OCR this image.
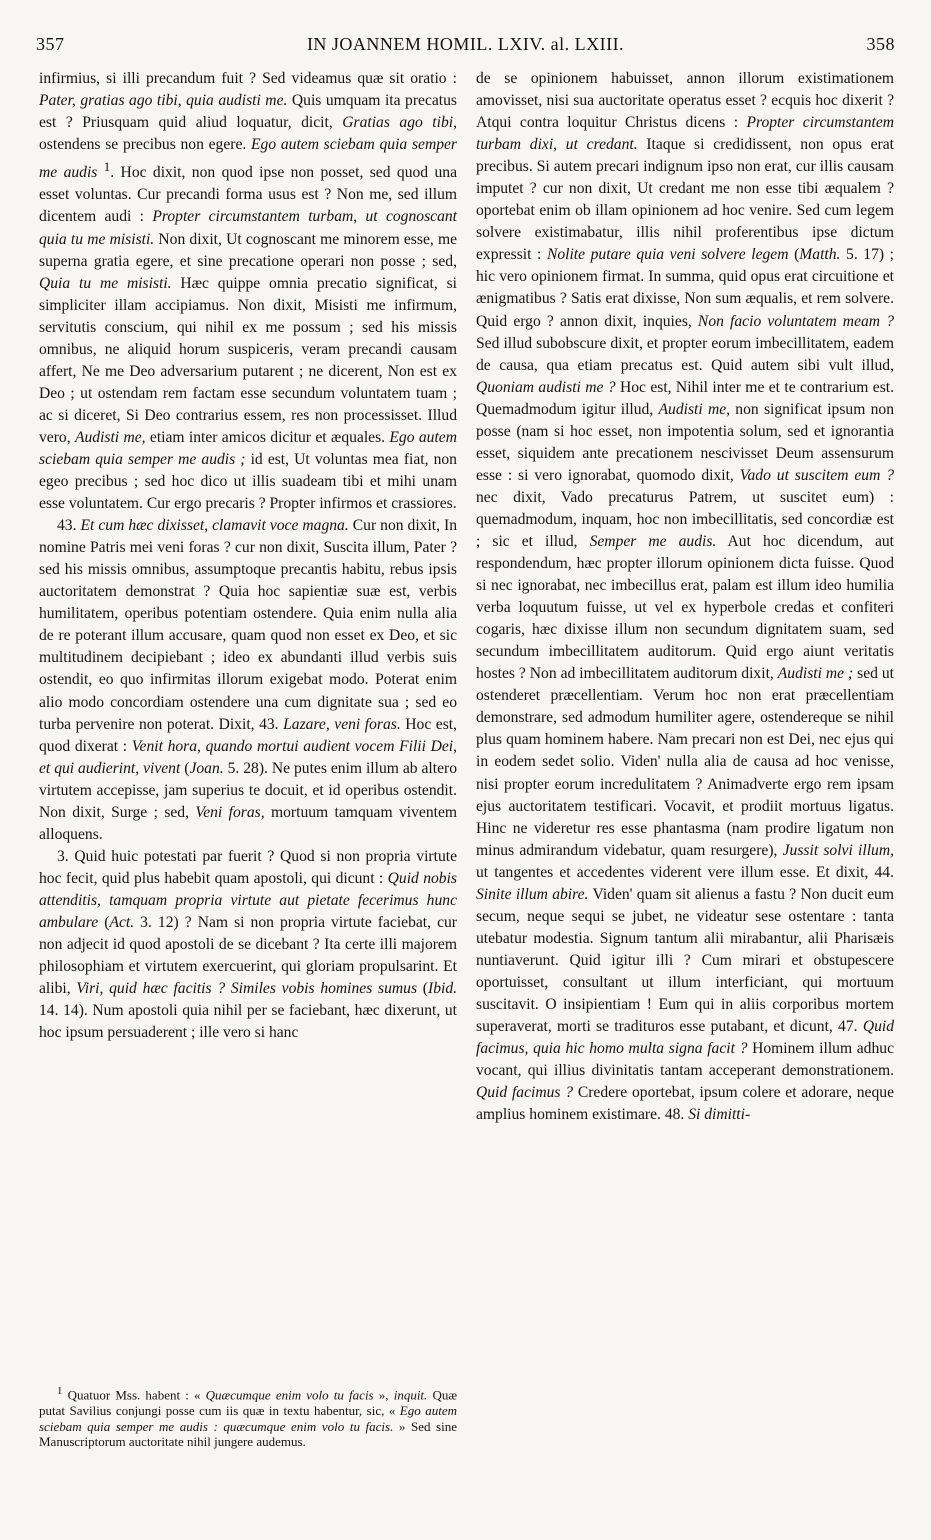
357	IN JOANNEM HOMIL. LXIV. al. LXIII.	358

infirmius, si illi precandum fuit ? Sed videamus quæ sit oratio : Pater, gratias ago tibi, quia audisti me. Quis umquam ita precatus est ? Priusquam quid aliud loquatur, dicit, Gratias ago tibi, ostendens se precibus non egere. Ego autem sciebam quia semper me audis $^1$. Hoc dixit, non quod ipse non posset, sed quod una esset voluntas. Cur precandi forma usus est ? Non me, sed illum dicentem audi : Propter circumstantem turbam, ut cognoscant quia tu me misisti. Non dixit, Ut cognoscant me minorem esse, me superna gratia egere, et sine precatione operari non posse ; sed, Quia tu me misisti. Hæc quippe omnia precatio significat, si simpliciter illam accipiamus. Non dixit, Misisti me infirmum, servitutis conscium, qui nihil ex me possum ; sed his missis omnibus, ne aliquid horum suspiceris, veram precandi causam affert, Ne me Deo adversarium putarent ; ne dicerent, Non est ex Deo ; ut ostendam rem factam esse secundum voluntatem tuam ; ac si diceret, Si Deo contrarius essem, res non processisset. Illud vero, Audisti me, etiam inter amicos dicitur et æquales. Ego autem sciebam quia semper me audis ; id est, Ut voluntas mea fiat, non egeo precibus ; sed hoc dico ut illis suadeam tibi et mihi unam esse voluntatem. Cur ergo precaris ? Propter infirmos et crassiores.

43. Et cum hæc dixisset, clamavit voce magna. Cur non dixit, In nomine Patris mei veni foras ? cur non dixit, Suscita illum, Pater ? sed his missis omnibus, assumptoque precantis habitu, rebus ipsis auctoritatem demonstrat ? Quia hoc sapientiæ suæ est, verbis humilitatem, operibus potentiam ostendere. Quia enim nulla alia de re poterant illum accusare, quam quod non esset ex Deo, et sic multitudinem decipiebant ; ideo ex abundanti illud verbis suis ostendit, eo quo infirmitas illorum exigebat modo. Poterat enim alio modo concordiam ostendere una cum dignitate sua ; sed eo turba pervenire non poterat. Dixit, 43. Lazare, veni foras. Hoc est, quod dixerat : Venit hora, quando mortui audient vocem Filii Dei, et qui audierint, vivent (Joan. 5. 28). Ne putes enim illum ab altero virtutem accepisse, jam superius te docuit, et id operibus ostendit. Non dixit, Surge ; sed, Veni foras, mortuum tamquam viventem alloquens.

3. Quid huic potestati par fuerit ? Quod si non propria virtute hoc fecit, quid plus habebit quam apostoli, qui dicunt : Quid nobis attenditis, tamquam propria virtute aut pietate fecerimus hunc ambulare (Act. 3. 12) ? Nam si non propria virtute faciebat, cur non adjecit id quod apostoli de se dicebant ? Ita certe illi majorem philosophiam et virtutem exercuerint, qui gloriam propulsarint. Et alibi, Viri, quid hæc facitis ? Similes vobis homines sumus (Ibid. 14. 14). Num apostoli quia nihil per se faciebant, hæc dixerunt, ut hoc ipsum persuaderent ; ille vero si hanc

de se opinionem habuisset, annon illorum existimationem amovisset, nisi sua auctoritate operatus esset ? ecquis hoc dixerit ? Atqui contra loquitur Christus dicens : Propter circumstantem turbam dixi, ut credant. Itaque si credidissent, non opus erat precibus. Si autem precari indignum ipso non erat, cur illis causam imputet ? cur non dixit, Ut credant me non esse tibi æqualem ? oportebat enim ob illam opinionem ad hoc venire. Sed cum legem solvere existimabatur, illis nihil proferentibus ipse dictum expressit : Nolite putare quia veni solvere legem (Matth. 5. 17) ; hic vero opinionem firmat. In summa, quid opus erat circuitione et ænigmatibus ? Satis erat dixisse, Non sum æqualis, et rem solvere. Quid ergo ? annon dixit, inquies, Non facio voluntatem meam ? Sed illud subobscure dixit, et propter eorum imbecillitatem, eadem de causa, qua etiam precatus est. Quid autem sibi vult illud, Quoniam audisti me ? Hoc est, Nihil inter me et te contrarium est. Quemadmodum igitur illud, Audisti me, non significat ipsum non posse (nam si hoc esset, non impotentia solum, sed et ignorantia esset, siquidem ante precationem nescivisset Deum assensurum esse : si vero ignorabat, quomodo dixit, Vado ut suscitem eum ? nec dixit, Vado precaturus Patrem, ut suscitet eum) : quemadmodum, inquam, hoc non imbecillitatis, sed concordiæ est ; sic et illud, Semper me audis. Aut hoc dicendum, aut respondendum, hæc propter illorum opinionem dicta fuisse. Quod si nec ignorabat, nec imbecillus erat, palam est illum ideo humilia verba loquutum fuisse, ut vel ex hyperbole credas et confiteri cogaris, hæc dixisse illum non secundum dignitatem suam, sed secundum imbecillitatem auditorum. Quid ergo aiunt veritatis hostes ? Non ad imbecillitatem auditorum dixit, Audisti me ; sed ut ostenderet præcellentiam. Verum hoc non erat præcellentiam demonstrare, sed admodum humiliter agere, ostendereque se nihil plus quam hominem habere. Nam precari non est Dei, nec ejus qui in eodem sedet solio. Viden' nulla alia de causa ad hoc venisse, nisi propter eorum incredulitatem ? Animadverte ergo rem ipsam ejus auctoritatem testificari. Vocavit, et prodiit mortuus ligatus. Hinc ne videretur res esse phantasma (nam prodire ligatum non minus admirandum videbatur, quam resurgere), Jussit solvi illum, ut tangentes et accedentes viderent vere illum esse. Et dixit, 44. Sinite illum abire. Viden' quam sit alienus a fastu ? Non ducit eum secum, neque sequi se jubet, ne videatur sese ostentare : tanta utebatur modestia. Signum tantum alii mirabantur, alii Pharisæis nuntiaverunt. Quid igitur illi ? Cum mirari et obstupescere oportuisset, consultant ut illum interficiant, qui mortuum suscitavit. O insipientiam ! Eum qui in aliis corporibus mortem superaverat, morti se tradituros esse putabant, et dicunt, 47. Quid facimus, quia hic homo multa signa facit ? Hominem illum adhuc vocant, qui illius divinitatis tantam acceperant demonstrationem. Quid facimus ? Credere oportebat, ipsum colere et adorare, neque amplius hominem existimare. 48. Si dimitti-

$^1$ Quatuor Mss. habent : « Quæcumque enim volo tu facis », inquit. Quæ putat Savilius conjungi posse cum iis quæ in textu habentur, sic, « Ego autem sciebam quia semper me audis : quæcumque enim volo tu facis. » Sed sine Manuscriptorum auctoritate nihil jungere audemus.
